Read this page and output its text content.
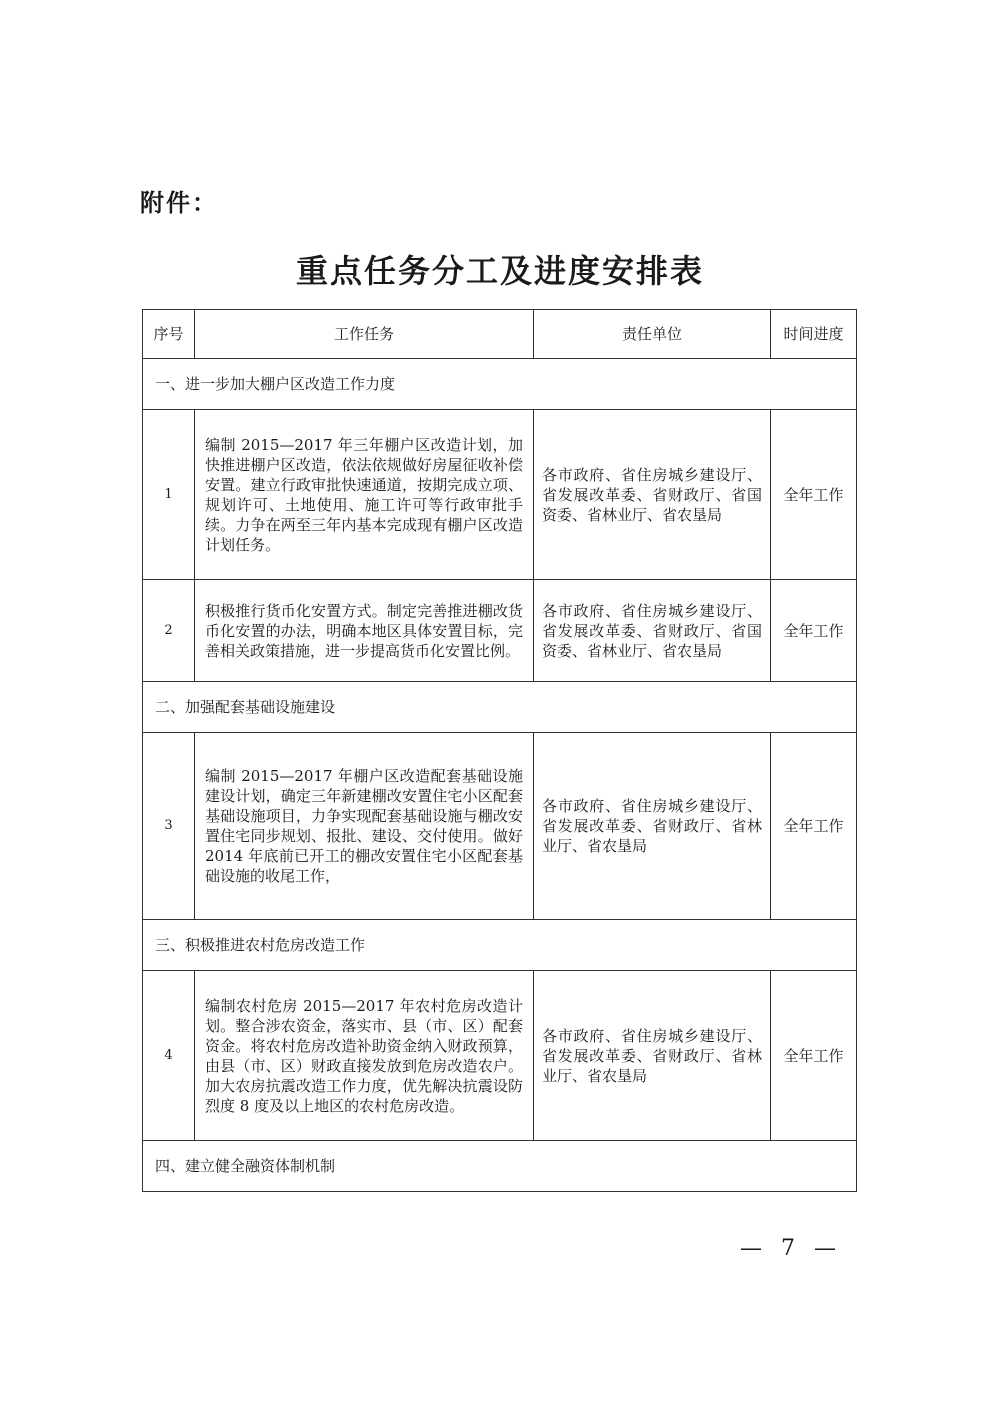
附件：
重点任务分工及进度安排表
序号	工作任务	责任单位	时间进度
一、进一步加大棚户区改造工作力度			
1	编制 2015—2017 年三年棚户区改造计划，加快推进棚户区改造，依法依规做好房屋征收补偿安置。建立行政审批快速通道，按期完成立项、规划许可、土地使用、施工许可等行政审批手续。力争在两至三年内基本完成现有棚户区改造计划任务。	各市政府、省住房城乡建设厅、省发展改革委、省财政厅、省国资委、省林业厅、省农垦局	全年工作
2	积极推行货币化安置方式。制定完善推进棚改货币化安置的办法，明确本地区具体安置目标，完善相关政策措施，进一步提高货币化安置比例。	各市政府、省住房城乡建设厅、省发展改革委、省财政厅、省国资委、省林业厅、省农垦局	全年工作
二、加强配套基础设施建设			
3	编制 2015—2017 年棚户区改造配套基础设施建设计划，确定三年新建棚改安置住宅小区配套基础设施项目，力争实现配套基础设施与棚改安置住宅同步规划、报批、建设、交付使用。做好 2014 年底前已开工的棚改安置住宅小区配套基础设施的收尾工作，	各市政府、省住房城乡建设厅、省发展改革委、省财政厅、省林业厅、省农垦局	全年工作
三、积极推进农村危房改造工作			
4	编制农村危房 2015—2017 年农村危房改造计划。整合涉农资金，落实市、县（市、区）配套资金。将农村危房改造补助资金纳入财政预算，由县（市、区）财政直接发放到危房改造农户。加大农房抗震改造工作力度，优先解决抗震设防烈度 8 度及以上地区的农村危房改造。	各市政府、省住房城乡建设厅、省发展改革委、省财政厅、省林业厅、省农垦局	全年工作
四、建立健全融资体制机制			
— 7 —
